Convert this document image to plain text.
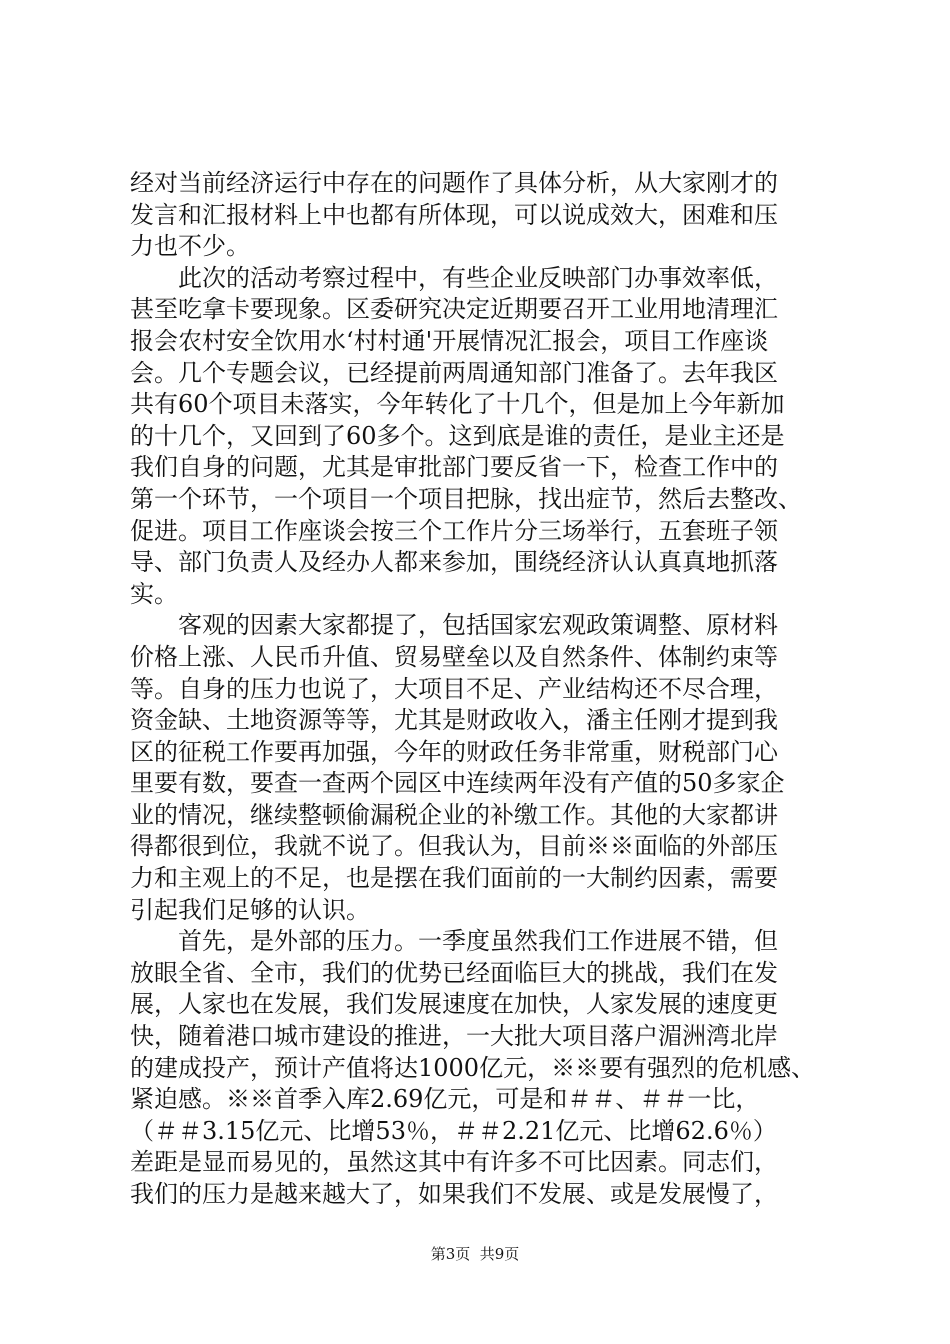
经对当前经济运行中存在的问题作了具体分析，从大家刚才的
发言和汇报材料上中也都有所体现，可以说成效大，困难和压
力也不少。
　　此次的活动考察过程中，有些企业反映部门办事效率低，
甚至吃拿卡要现象。区委研究决定近期要召开工业用地清理汇
报会农村安全饮用水‘村村通'开展情况汇报会，项目工作座谈
会。几个专题会议，已经提前两周通知部门准备了。去年我区
共有60个项目未落实，今年转化了十几个，但是加上今年新加
的十几个，又回到了60多个。这到底是谁的责任，是业主还是
我们自身的问题，尤其是审批部门要反省一下，检查工作中的
第一个环节，一个项目一个项目把脉，找出症节，然后去整改、
促进。项目工作座谈会按三个工作片分三场举行，五套班子领
导、部门负责人及经办人都来参加，围绕经济认认真真地抓落
实。
　　客观的因素大家都提了，包括国家宏观政策调整、原材料
价格上涨、人民币升值、贸易壁垒以及自然条件、体制约束等
等。自身的压力也说了，大项目不足、产业结构还不尽合理，
资金缺、土地资源等等，尤其是财政收入，潘主任刚才提到我
区的征税工作要再加强，今年的财政任务非常重，财税部门心
里要有数，要查一查两个园区中连续两年没有产值的50多家企
业的情况，继续整顿偷漏税企业的补缴工作。其他的大家都讲
得都很到位，我就不说了。但我认为，目前※※面临的外部压
力和主观上的不足，也是摆在我们面前的一大制约因素，需要
引起我们足够的认识。
　　首先，是外部的压力。一季度虽然我们工作进展不错，但
放眼全省、全市，我们的优势已经面临巨大的挑战，我们在发
展，人家也在发展，我们发展速度在加快，人家发展的速度更
快，随着港口城市建设的推进，一大批大项目落户湄洲湾北岸
的建成投产，预计产值将达1000亿元，※※要有强烈的危机感、
紧迫感。※※首季入库2.69亿元，可是和＃＃、＃＃一比，
（＃＃3.15亿元、比增53％，＃＃2.21亿元、比增62.6％）
差距是显而易见的，虽然这其中有许多不可比因素。同志们，
我们的压力是越来越大了，如果我们不发展、或是发展慢了，
第3页  共9页
